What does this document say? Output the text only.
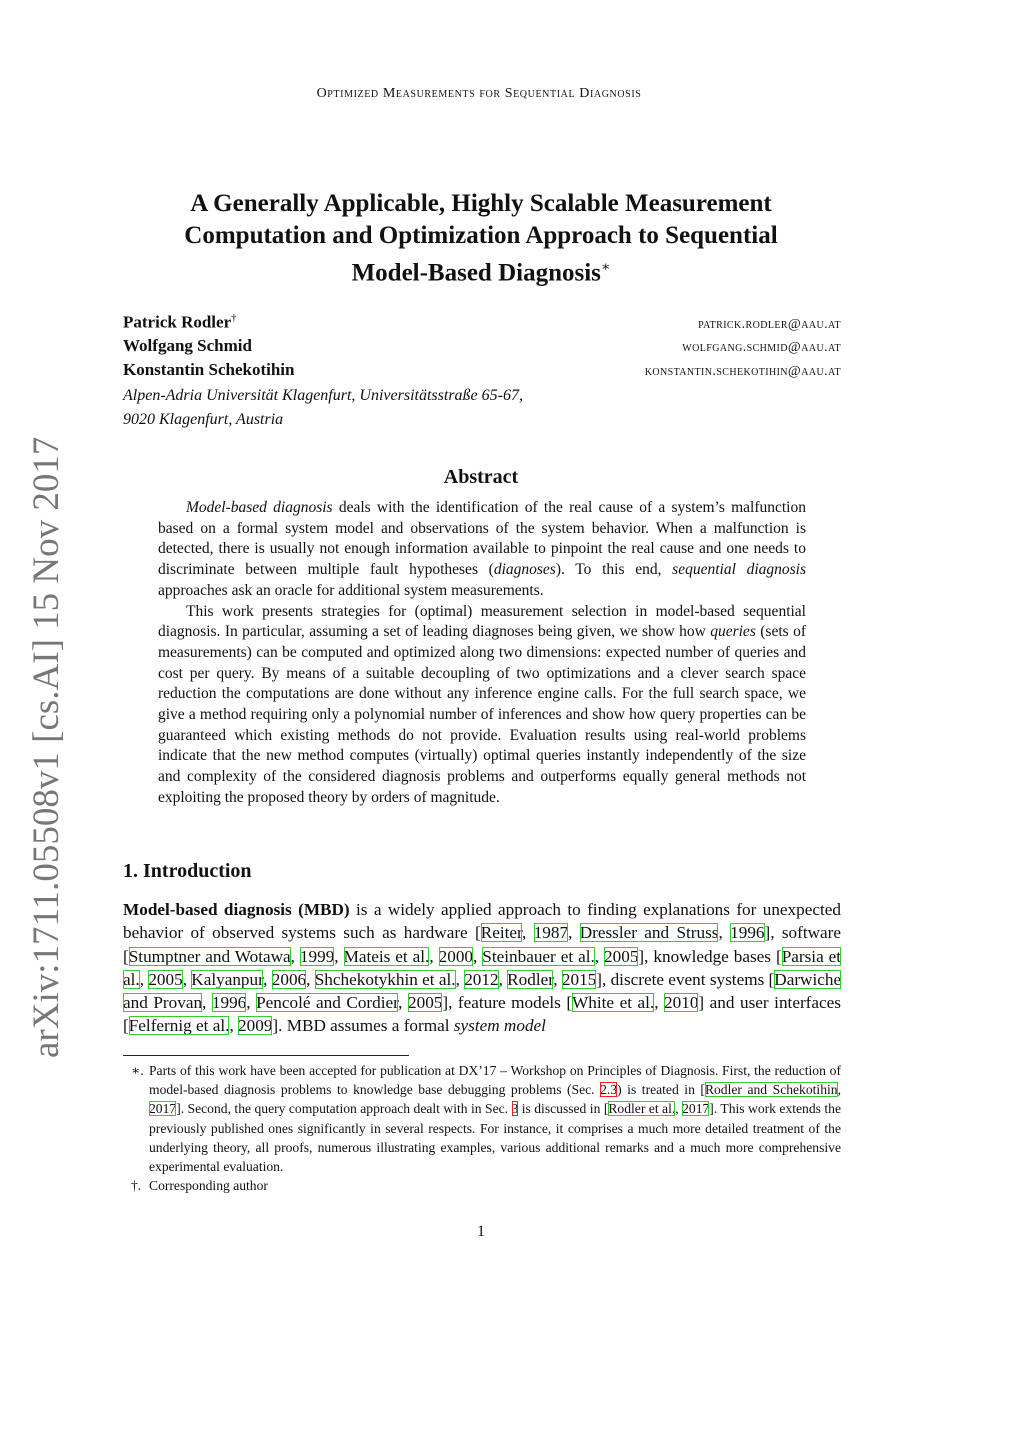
Optimized Measurements for Sequential Diagnosis
A Generally Applicable, Highly Scalable Measurement
Computation and Optimization Approach to Sequential
Model-Based Diagnosis∗
Patrick Rodler†	patrick.rodler@aau.at
Wolfgang Schmid	wolfgang.schmid@aau.at
Konstantin Schekotihin	konstantin.schekotihin@aau.at
Alpen-Adria Universität Klagenfurt, Universitätsstraße 65-67,
9020 Klagenfurt, Austria
Abstract

Model-based diagnosis deals with the identification of the real cause of a system’s malfunction based on a formal system model and observations of the system behavior. When a malfunction is detected, there is usually not enough information available to pinpoint the real cause and one needs to discriminate between multiple fault hypotheses (diagnoses). To this end, sequential diagnosis approaches ask an oracle for additional system measurements.

This work presents strategies for (optimal) measurement selection in model-based sequential diagnosis. In particular, assuming a set of leading diagnoses being given, we show how queries (sets of measurements) can be computed and optimized along two dimensions: expected number of queries and cost per query. By means of a suitable decoupling of two optimizations and a clever search space reduction the computations are done without any inference engine calls. For the full search space, we give a method requiring only a polynomial number of inferences and show how query properties can be guaranteed which existing methods do not provide. Evaluation results using real-world problems indicate that the new method computes (virtually) optimal queries instantly independently of the size and complexity of the considered diagnosis problems and outperforms equally general methods not exploiting the proposed theory by orders of magnitude.

1. Introduction

Model-based diagnosis (MBD) is a widely applied approach to finding explanations for unexpected behavior of observed systems such as hardware [Reiter, 1987, Dressler and Struss, 1996], software [Stumptner and Wotawa, 1999, Mateis et al., 2000, Steinbauer et al., 2005], knowledge bases [Parsia et al., 2005, Kalyanpur, 2006, Shchekotykhin et al., 2012, Rodler, 2015], discrete event systems [Darwiche and Provan, 1996, Pencolé and Cordier, 2005], feature models [White et al., 2010] and user interfaces [Felfernig et al., 2009]. MBD assumes a formal system model

∗. Parts of this work have been accepted for publication at DX’17 – Workshop on Principles of Diagnosis. First, the reduction of model-based diagnosis problems to knowledge base debugging problems (Sec. 2.3) is treated in [Rodler and Schekotihin, 2017]. Second, the query computation approach dealt with in Sec. 3 is discussed in [Rodler et al., 2017]. This work extends the previously published ones significantly in several respects. For instance, it comprises a much more detailed treatment of the underlying theory, all proofs, numerous illustrating examples, various additional remarks and a much more comprehensive experimental evaluation.
†. Corresponding author
1
arXiv:1711.05508v1 [cs.AI] 15 Nov 2017
